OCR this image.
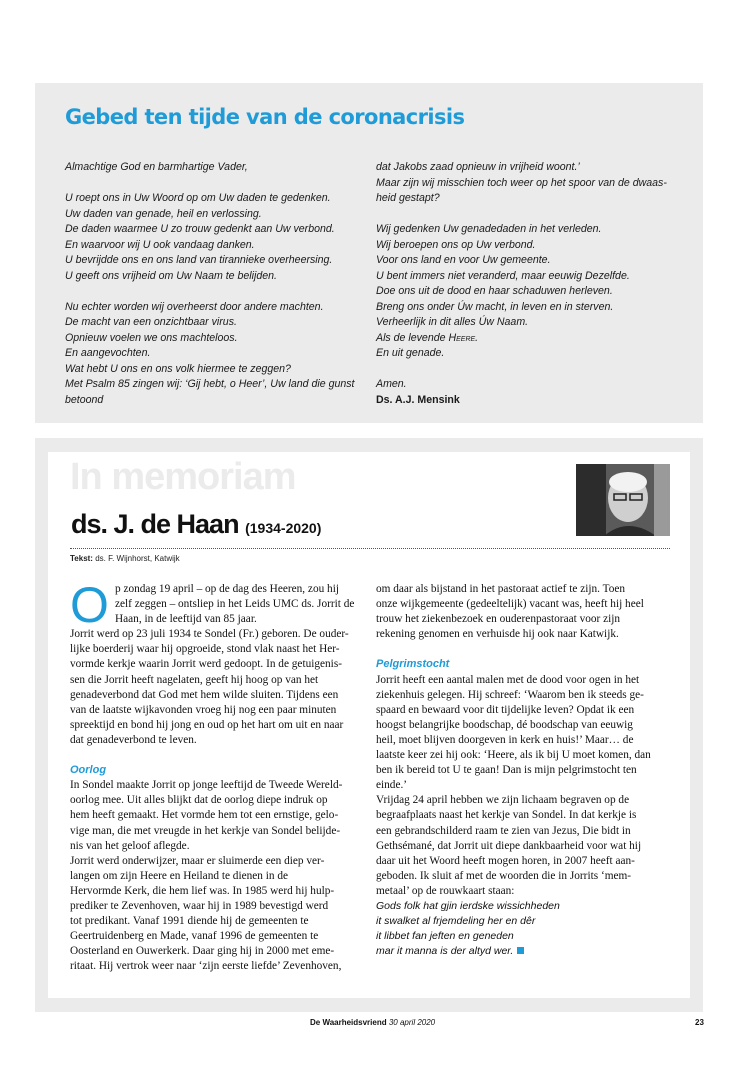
Gebed ten tijde van de coronacrisis
Almachtige God en barmhartige Vader,
U roept ons in Uw Woord op om Uw daden te gedenken.
Uw daden van genade, heil en verlossing.
De daden waarmee U zo trouw gedenkt aan Uw verbond.
En waarvoor wij U ook vandaag danken.
U bevrijdde ons en ons land van tirannieke overheersing.
U geeft ons vrijheid om Uw Naam te belijden.
Nu echter worden wij overheerst door andere machten.
De macht van een onzichtbaar virus.
Opnieuw voelen we ons machteloos.
En aangevochten.
Wat hebt U ons en ons volk hiermee te zeggen?
Met Psalm 85 zingen wij: ‘Gij hebt, o Heer’, Uw land die gunst
betoond
dat Jakobs zaad opnieuw in vrijheid woont.’
Maar zijn wij misschien toch weer op het spoor van de dwaas-
heid gestapt?
Wij gedenken Uw genadedaden in het verleden.
Wij beroepen ons op Uw verbond.
Voor ons land en voor Uw gemeente.
U bent immers niet veranderd, maar eeuwig Dezelfde.
Doe ons uit de dood en haar schaduwen herleven.
Breng ons onder Úw macht, in leven en in sterven.
Verheerlijk in dit alles Úw Naam.
Als de levende Heere.
En uit genade.
Amen.
Ds. A.J. Mensink
In memoriam
ds. J. de Haan (1934-2020)
Tekst: ds. F. Wijnhorst, Katwijk
O p zondag 19 april – op de dag des Heeren, zou hij
zelf zeggen – ontsliep in het Leids UMC ds. Jorrit de
Haan, in de leeftijd van 85 jaar.
Jorrit werd op 23 juli 1934 te Sondel (Fr.) geboren. De ouder-
lijke boerderij waar hij opgroeide, stond vlak naast het Her-
vormde kerkje waarin Jorrit werd gedoopt. In de getuigenis-
sen die Jorrit heeft nagelaten, geeft hij hoog op van het
genadeverbond dat God met hem wilde sluiten. Tijdens een
van de laatste wijkavonden vroeg hij nog een paar minuten
spreektijd en bond hij jong en oud op het hart om uit en naar
dat genadeverbond te leven.
Oorlog
In Sondel maakte Jorrit op jonge leeftijd de Tweede Wereld-
oorlog mee. Uit alles blijkt dat de oorlog diepe indruk op
hem heeft gemaakt. Het vormde hem tot een ernstige, gelo-
vige man, die met vreugde in het kerkje van Sondel belijde-
nis van het geloof aflegde.
Jorrit werd onderwijzer, maar er sluimerde een diep ver-
langen om zijn Heere en Heiland te dienen in de
Hervormde Kerk, die hem lief was. In 1985 werd hij hulp-
prediker te Zevenhoven, waar hij in 1989 bevestigd werd
tot predikant. Vanaf 1991 diende hij de gemeenten te
Geertruidenberg en Made, vanaf 1996 de gemeenten te
Oosterland en Ouwerkerk. Daar ging hij in 2000 met eme-
ritaat. Hij vertrok weer naar ‘zijn eerste liefde’ Zevenhoven,
om daar als bijstand in het pastoraat actief te zijn. Toen
onze wijkgemeente (gedeeltelijk) vacant was, heeft hij heel
trouw het ziekenbezoek en ouderenpastoraat voor zijn
rekening genomen en verhuisde hij ook naar Katwijk.
Pelgrimstocht
Jorrit heeft een aantal malen met de dood voor ogen in het
ziekenhuis gelegen. Hij schreef: ‘Waarom ben ik steeds ge-
spaard en bewaard voor dit tijdelijke leven? Opdat ik een
hoogst belangrijke boodschap, dé boodschap van eeuwig
heil, moet blijven doorgeven in kerk en huis!’ Maar… de
laatste keer zei hij ook: ‘Heere, als ik bij U moet komen, dan
ben ik bereid tot U te gaan! Dan is mijn pelgrimstocht ten
einde.’
Vrijdag 24 april hebben we zijn lichaam begraven op de
begraafplaats naast het kerkje van Sondel. In dat kerkje is
een gebrandschilderd raam te zien van Jezus, Die bidt in
Gethsémané, dat Jorrit uit diepe dankbaarheid voor wat hij
daar uit het Woord heeft mogen horen, in 2007 heeft aan-
geboden. Ik sluit af met de woorden die in Jorrits ‘mem-
metaal’ op de rouwkaart staan:
Gods folk hat gjin ierdske wissichheden
it swalket al frjemdeling her en dêr
it libbet fan jeften en geneden
mar it manna is der altyd wer.
De Waarheidsvriend 30 april 2020	23
